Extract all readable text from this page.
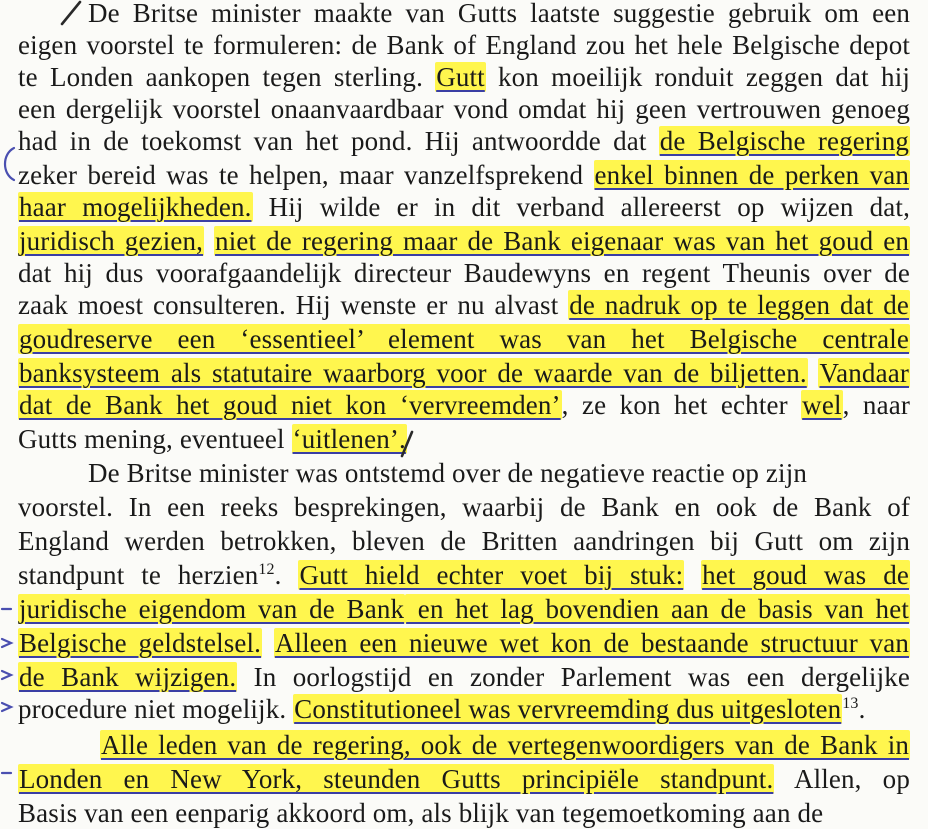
De Britse minister maakte van Gutts laatste suggestie gebruik om een
eigen voorstel te formuleren: de Bank of England zou het hele Belgische depot
te Londen aankopen tegen sterling. Gutt kon moeilijk ronduit zeggen dat hij
een dergelijk voorstel onaanvaardbaar vond omdat hij geen vertrouwen genoeg
had in de toekomst van het pond. Hij antwoordde dat de Belgische regering
zeker bereid was te helpen, maar vanzelfsprekend enkel binnen de perken van
haar mogelijkheden. Hij wilde er in dit verband allereerst op wijzen dat,
juridisch gezien, niet de regering maar de Bank eigenaar was van het goud en
dat hij dus voorafgaandelijk directeur Baudewyns en regent Theunis over de
zaak moest consulteren. Hij wenste er nu alvast de nadruk op te leggen dat de
goudreserve een ‘essentieel’ element was van het Belgische centrale
banksysteem als statutaire waarborg voor de waarde van de biljetten. Vandaar
dat de Bank het goud niet kon ‘vervreemden’, ze kon het echter wel, naar
Gutts mening, eventueel ‘uitlenen’.
De Britse minister was ontstemd over de negatieve reactie op zijn
voorstel. In een reeks besprekingen, waarbij de Bank en ook de Bank of
England werden betrokken, bleven de Britten aandringen bij Gutt om zijn
standpunt te herzien$^{12}$. Gutt hield echter voet bij stuk: het goud was de
juridische eigendom van de Bank en het lag bovendien aan de basis van het
Belgische geldstelsel. Alleen een nieuwe wet kon de bestaande structuur van
de Bank wijzigen. In oorlogstijd en zonder Parlement was een dergelijke
procedure niet mogelijk. Constitutioneel was vervreemding dus uitgesloten$^{13}$.
Alle leden van de regering, ook de vertegenwoordigers van de Bank in
Londen en New York, steunden Gutts principiële standpunt. Allen, op
Basis van een eenparig akkoord om, als blijk van tegemoetkoming aan de
